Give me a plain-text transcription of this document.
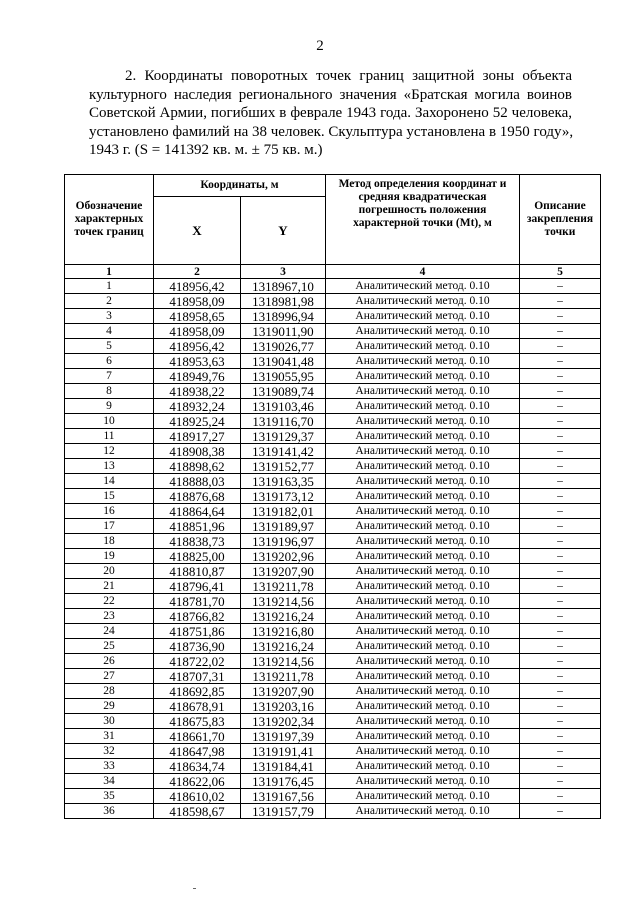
2
2. Координаты поворотных точек границ защитной зоны объекта
культурного наследия регионального значения «Братская могила воинов
Советской Армии, погибших в феврале 1943 года. Захоронено 52 человека,
установлено фамилий на 38 человек. Скульптура установлена в 1950 году»,
1943 г. (S = 141392 кв. м. ± 75 кв. м.)
Обозначение характерных точек границ	Координаты, м		Метод определения координат и средняя квадратическая погрешность положения характерной точки (Mt), м	Описание закрепления точки
	X	Y		
1	2	3	4	5
1	418956,42	1318967,10	Аналитический метод. 0.10	–
2	418958,09	1318981,98	Аналитический метод. 0.10	–
3	418958,65	1318996,94	Аналитический метод. 0.10	–
4	418958,09	1319011,90	Аналитический метод. 0.10	–
5	418956,42	1319026,77	Аналитический метод. 0.10	–
6	418953,63	1319041,48	Аналитический метод. 0.10	–
7	418949,76	1319055,95	Аналитический метод. 0.10	–
8	418938,22	1319089,74	Аналитический метод. 0.10	–
9	418932,24	1319103,46	Аналитический метод. 0.10	–
10	418925,24	1319116,70	Аналитический метод. 0.10	–
11	418917,27	1319129,37	Аналитический метод. 0.10	–
12	418908,38	1319141,42	Аналитический метод. 0.10	–
13	418898,62	1319152,77	Аналитический метод. 0.10	–
14	418888,03	1319163,35	Аналитический метод. 0.10	–
15	418876,68	1319173,12	Аналитический метод. 0.10	–
16	418864,64	1319182,01	Аналитический метод. 0.10	–
17	418851,96	1319189,97	Аналитический метод. 0.10	–
18	418838,73	1319196,97	Аналитический метод. 0.10	–
19	418825,00	1319202,96	Аналитический метод. 0.10	–
20	418810,87	1319207,90	Аналитический метод. 0.10	–
21	418796,41	1319211,78	Аналитический метод. 0.10	–
22	418781,70	1319214,56	Аналитический метод. 0.10	–
23	418766,82	1319216,24	Аналитический метод. 0.10	–
24	418751,86	1319216,80	Аналитический метод. 0.10	–
25	418736,90	1319216,24	Аналитический метод. 0.10	–
26	418722,02	1319214,56	Аналитический метод. 0.10	–
27	418707,31	1319211,78	Аналитический метод. 0.10	–
28	418692,85	1319207,90	Аналитический метод. 0.10	–
29	418678,91	1319203,16	Аналитический метод. 0.10	–
30	418675,83	1319202,34	Аналитический метод. 0.10	–
31	418661,70	1319197,39	Аналитический метод. 0.10	–
32	418647,98	1319191,41	Аналитический метод. 0.10	–
33	418634,74	1319184,41	Аналитический метод. 0.10	–
34	418622,06	1319176,45	Аналитический метод. 0.10	–
35	418610,02	1319167,56	Аналитический метод. 0.10	–
36	418598,67	1319157,79	Аналитический метод. 0.10	–
